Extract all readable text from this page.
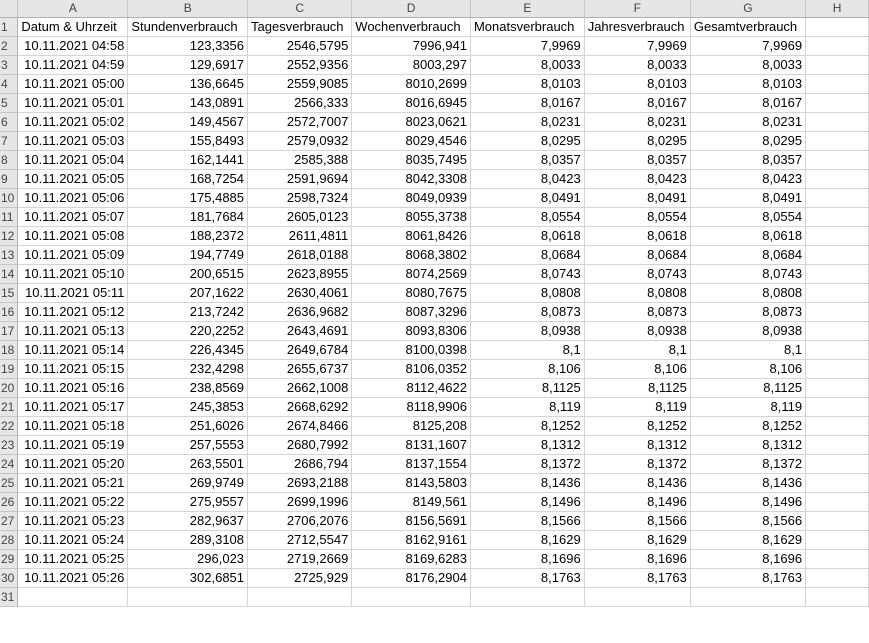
	A	B	C	D	E	F	G	H
1	Datum & Uhrzeit	Stundenverbrauch	Tagesverbrauch	Wochenverbrauch	Monatsverbrauch	Jahresverbrauch	Gesamtverbrauch	
2	10.11.2021 04:58	123,3356	2546,5795	7996,941	7,9969	7,9969	7,9969	
3	10.11.2021 04:59	129,6917	2552,9356	8003,297	8,0033	8,0033	8,0033	
4	10.11.2021 05:00	136,6645	2559,9085	8010,2699	8,0103	8,0103	8,0103	
5	10.11.2021 05:01	143,0891	2566,333	8016,6945	8,0167	8,0167	8,0167	
6	10.11.2021 05:02	149,4567	2572,7007	8023,0621	8,0231	8,0231	8,0231	
7	10.11.2021 05:03	155,8493	2579,0932	8029,4546	8,0295	8,0295	8,0295	
8	10.11.2021 05:04	162,1441	2585,388	8035,7495	8,0357	8,0357	8,0357	
9	10.11.2021 05:05	168,7254	2591,9694	8042,3308	8,0423	8,0423	8,0423	
10	10.11.2021 05:06	175,4885	2598,7324	8049,0939	8,0491	8,0491	8,0491	
11	10.11.2021 05:07	181,7684	2605,0123	8055,3738	8,0554	8,0554	8,0554	
12	10.11.2021 05:08	188,2372	2611,4811	8061,8426	8,0618	8,0618	8,0618	
13	10.11.2021 05:09	194,7749	2618,0188	8068,3802	8,0684	8,0684	8,0684	
14	10.11.2021 05:10	200,6515	2623,8955	8074,2569	8,0743	8,0743	8,0743	
15	10.11.2021 05:11	207,1622	2630,4061	8080,7675	8,0808	8,0808	8,0808	
16	10.11.2021 05:12	213,7242	2636,9682	8087,3296	8,0873	8,0873	8,0873	
17	10.11.2021 05:13	220,2252	2643,4691	8093,8306	8,0938	8,0938	8,0938	
18	10.11.2021 05:14	226,4345	2649,6784	8100,0398	8,1	8,1	8,1	
19	10.11.2021 05:15	232,4298	2655,6737	8106,0352	8,106	8,106	8,106	
20	10.11.2021 05:16	238,8569	2662,1008	8112,4622	8,1125	8,1125	8,1125	
21	10.11.2021 05:17	245,3853	2668,6292	8118,9906	8,119	8,119	8,119	
22	10.11.2021 05:18	251,6026	2674,8466	8125,208	8,1252	8,1252	8,1252	
23	10.11.2021 05:19	257,5553	2680,7992	8131,1607	8,1312	8,1312	8,1312	
24	10.11.2021 05:20	263,5501	2686,794	8137,1554	8,1372	8,1372	8,1372	
25	10.11.2021 05:21	269,9749	2693,2188	8143,5803	8,1436	8,1436	8,1436	
26	10.11.2021 05:22	275,9557	2699,1996	8149,561	8,1496	8,1496	8,1496	
27	10.11.2021 05:23	282,9637	2706,2076	8156,5691	8,1566	8,1566	8,1566	
28	10.11.2021 05:24	289,3108	2712,5547	8162,9161	8,1629	8,1629	8,1629	
29	10.11.2021 05:25	296,023	2719,2669	8169,6283	8,1696	8,1696	8,1696	
30	10.11.2021 05:26	302,6851	2725,929	8176,2904	8,1763	8,1763	8,1763	
31								
